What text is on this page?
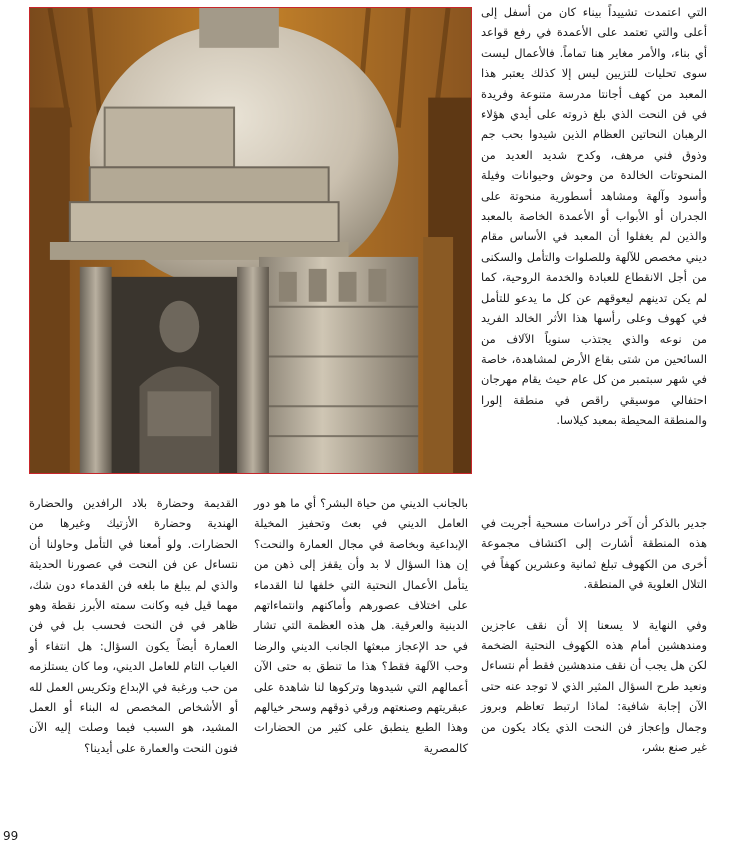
التي اعتمدت تشييداً بيناء كان من أسفل إلى أعلى والتي تعتمد على الأعمدة في رفع قواعد أي بناء، والأمر مغاير هنا تماماً. فالأعمال ليست سوى تحليات للتزيين ليس إلا كذلك يعتبر هذا المعبد من كهف أجانتا مدرسة متنوعة وفريدة في فن النحت الذي بلغ ذروته على أيدي هؤلاء الرهبان النحاتين العظام الذين شيدوا بحب جم وذوق فني مرهف، وكدح شديد العديد من المنحوتات الخالدة من وحوش وحيوانات وفيلة وأسود وآلهة ومشاهد أسطورية منحوتة على الجدران أو الأبواب أو الأعمدة الخاصة بالمعبد والذين لم يغفلوا أن المعبد في الأساس مقام ديني مخصص للآلهة وللصلوات والتأمل والسكنى من أجل الانقطاع للعبادة والخدمة الروحية، كما لم يكن تدينهم ليعوقهم عن كل ما يدعو للتأمل في كهوف وعلى رأسها هذا الأثر الخالد الفريد من نوعه والذي يجتذب سنوياً الآلاف من السائحين من شتى بقاع الأرض لمشاهدة، خاصة في شهر سبتمبر من كل عام حيث يقام مهرجان احتفالي موسيقي راقص في منطقة إلورا والمنطقة المحيطة بمعبد كيلاسا.

جدير بالذكر أن آخر دراسات مسحية أجريت في هذه المنطقة أشارت إلى اكتشاف مجموعة أخرى من الكهوف تبلغ ثمانية وعشرين كهفاً في التلال العلوية في المنطقة.

وفي النهاية لا يسعنا إلا أن نقف عاجزين ومندهشين أمام هذه الكهوف النحتية الضخمة لكن هل يجب أن نقف مندهشين فقط أم نتساءل ونعيد طرح السؤال المثير الذي لا توجد عنه حتى الآن إجابة شافية: لماذا ارتبط تعاظم وبروز وجمال وإعجاز فن النحت الذي يكاد يكون من غير صنع بشر،

بالجانب الديني من حياة البشر؟ أي ما هو دور العامل الديني في بعث وتحفيز المخيلة الإبداعية وبخاصة في مجال العمارة والنحت؟ إن هذا السؤال لا بد وأن يقفز إلى ذهن من يتأمل الأعمال النحتية التي خلفها لنا القدماء على اختلاف عصورهم وأماكنهم وانتماءاتهم الدينية والعرقية. هل هذه العظمة التي تشار في حد الإعجاز مبعثها الجانب الديني والرضا وحب الآلهة فقط؟ هذا ما تنطق به حتى الآن أعمالهم التي شيدوها وتركوها لنا شاهدة على عبقريتهم وصنعتهم ورقي ذوقهم وسحر خيالهم وهذا الطبع ينطبق على كثير من الحضارات كالمصرية

القديمة وحضارة بلاد الرافدين والحضارة الهندية وحضارة الأزتيك وغيرها من الحضارات. ولو أمعنا في التأمل وحاولنا أن نتساءل عن فن النحت في عصورنا الحديثة والذي لم يبلغ ما بلغه فن القدماء دون شك، مهما قيل فيه وكانت سمته الأبرز نقطة وهو ظاهر في فن النحت فحسب بل في فن العمارة أيضاً يكون السؤال: هل انتفاء أو الغياب التام للعامل الديني، وما كان يستلزمه من حب ورغبة في الإبداع وتكريس العمل لله أو الأشخاص المخصص له البناء أو العمل المشيد، هو السبب فيما وصلت إليه الآن فنون النحت والعمارة على أيدينا؟

99
